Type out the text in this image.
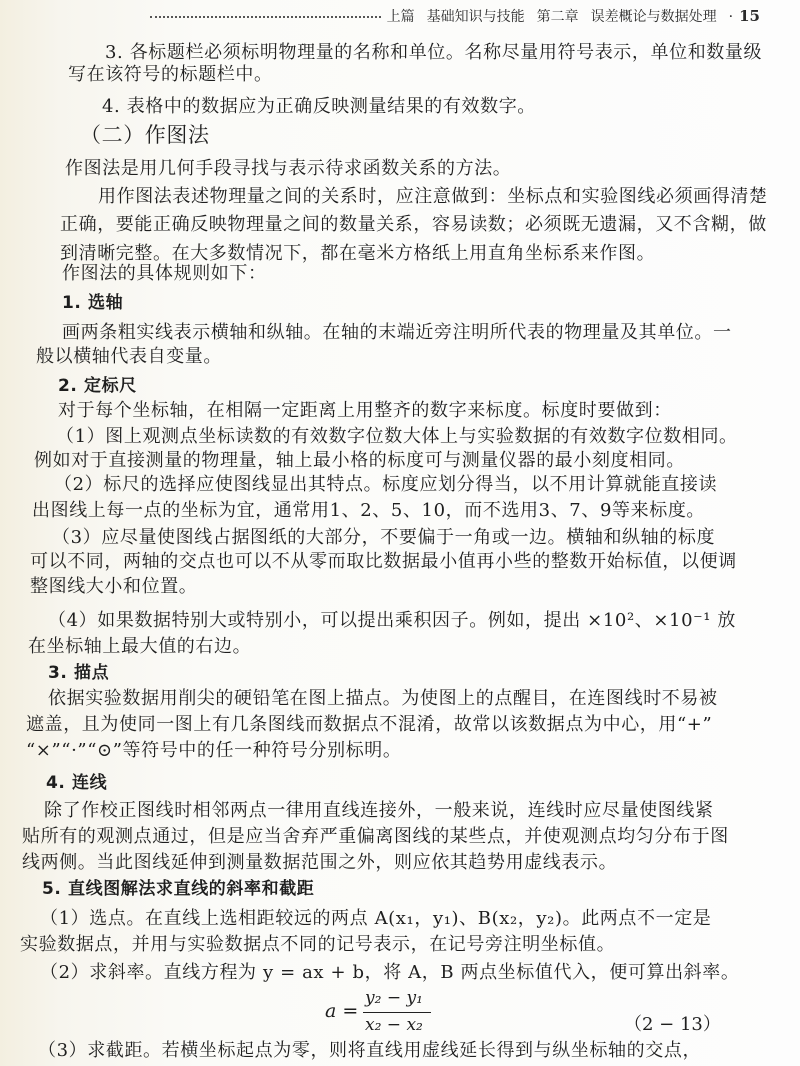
上篇 基础知识与技能 第二章 误差概论与数据处理 · 15
3. 各标题栏必须标明物理量的名称和单位。名称尽量用符号表示，单位和数量级
写在该符号的标题栏中。
4. 表格中的数据应为正确反映测量结果的有效数字。
（二）作图法
作图法是用几何手段寻找与表示待求函数关系的方法。
用作图法表述物理量之间的关系时，应注意做到：坐标点和实验图线必须画得清楚
正确，要能正确反映物理量之间的数量关系，容易读数；必须既无遗漏，又不含糊，做
到清晰完整。在大多数情况下，都在毫米方格纸上用直角坐标系来作图。
作图法的具体规则如下：
1. 选轴
画两条粗实线表示横轴和纵轴。在轴的末端近旁注明所代表的物理量及其单位。一
般以横轴代表自变量。
2. 定标尺
对于每个坐标轴，在相隔一定距离上用整齐的数字来标度。标度时要做到：
（1）图上观测点坐标读数的有效数字位数大体上与实验数据的有效数字位数相同。
例如对于直接测量的物理量，轴上最小格的标度可与测量仪器的最小刻度相同。
（2）标尺的选择应使图线显出其特点。标度应划分得当，以不用计算就能直接读
出图线上每一点的坐标为宜，通常用1、2、5、10，而不选用3、7、9等来标度。
（3）应尽量使图线占据图纸的大部分，不要偏于一角或一边。横轴和纵轴的标度
可以不同，两轴的交点也可以不从零而取比数据最小值再小些的整数开始标值，以便调
整图线大小和位置。
（4）如果数据特别大或特别小，可以提出乘积因子。例如，提出 ×10²、×10⁻¹ 放
在坐标轴上最大值的右边。
3. 描点
依据实验数据用削尖的硬铅笔在图上描点。为使图上的点醒目，在连图线时不易被
遮盖，且为使同一图上有几条图线而数据点不混淆，故常以该数据点为中心，用“+”
“×”“·”“⊙”等符号中的任一种符号分别标明。
4. 连线
除了作校正图线时相邻两点一律用直线连接外，一般来说，连线时应尽量使图线紧
贴所有的观测点通过，但是应当舍弃严重偏离图线的某些点，并使观测点均匀分布于图
线两侧。当此图线延伸到测量数据范围之外，则应依其趋势用虚线表示。
5. 直线图解法求直线的斜率和截距
（1）选点。在直线上选相距较远的两点 A(x₁，y₁)、B(x₂，y₂)。此两点不一定是
实验数据点，并用与实验数据点不同的记号表示，在记号旁注明坐标值。
（2）求斜率。直线方程为 y = ax + b，将 A，B 两点坐标值代入，便可算出斜率。
a =
y₂ − y₁
x₂ − x₂	（2 − 13）
（3）求截距。若横坐标起点为零，则将直线用虚线延长得到与纵坐标轴的交点，
